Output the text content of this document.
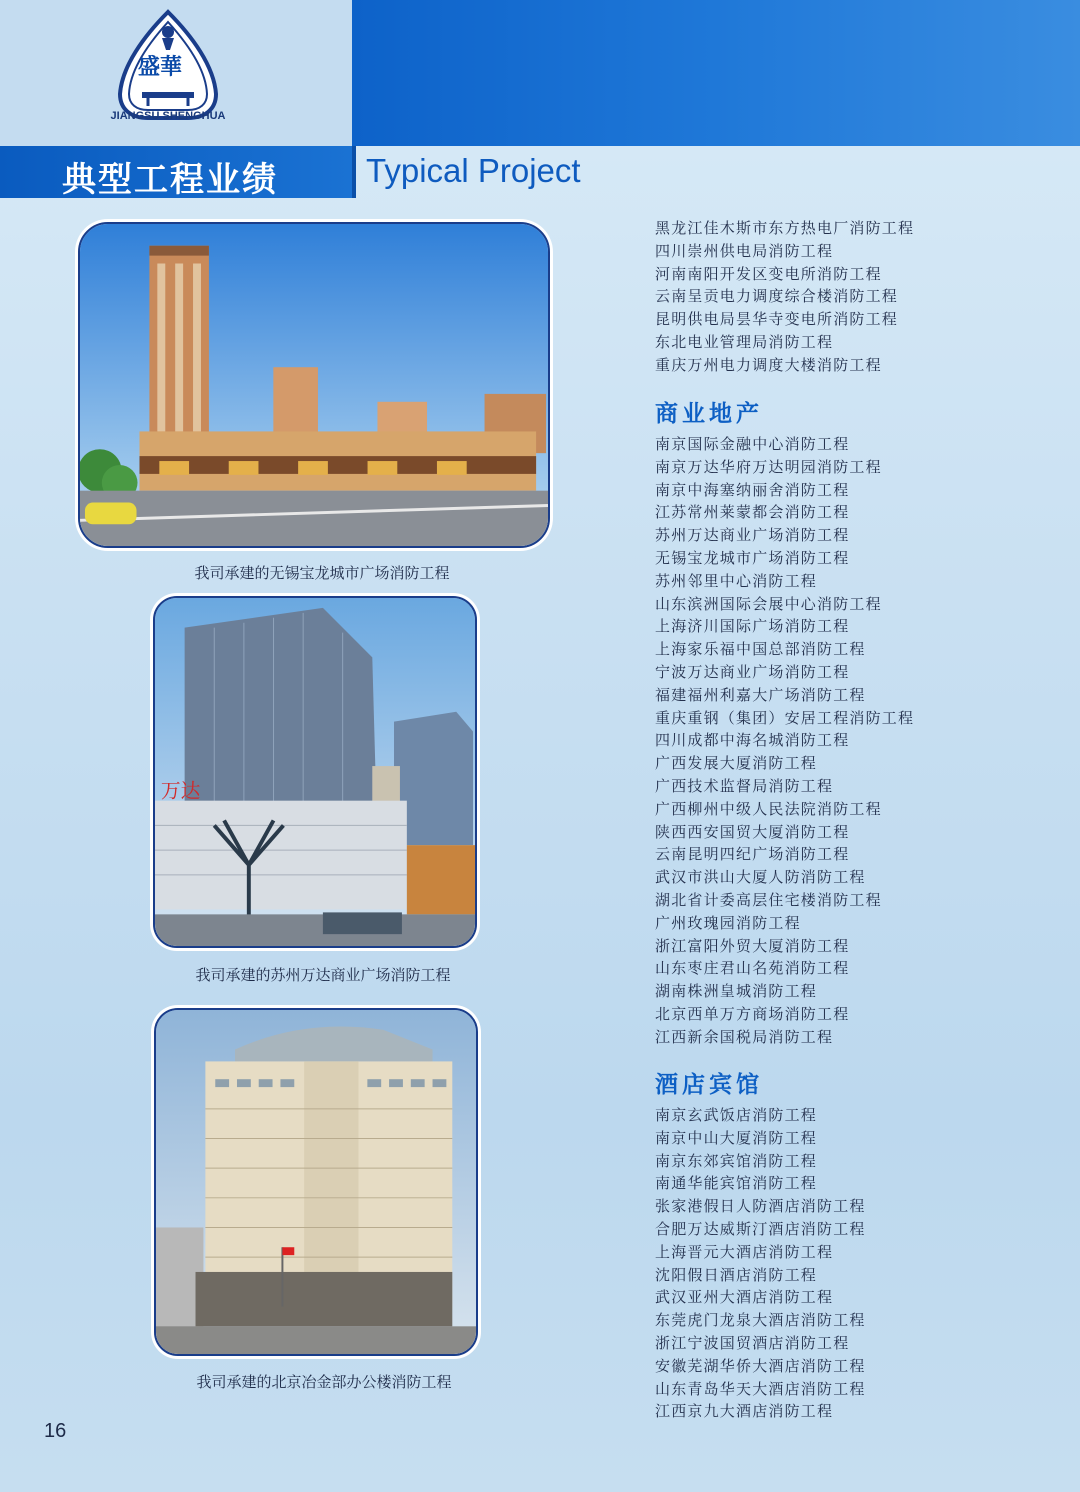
盛華
JIANGSU SHENGHUA
典型工程业绩	Typical Project
我司承建的无锡宝龙城市广场消防工程
万达
我司承建的苏州万达商业广场消防工程
我司承建的北京冶金部办公楼消防工程
黑龙江佳木斯市东方热电厂消防工程
四川崇州供电局消防工程
河南南阳开发区变电所消防工程
云南呈贡电力调度综合楼消防工程
昆明供电局昙华寺变电所消防工程
东北电业管理局消防工程
重庆万州电力调度大楼消防工程
商业地产
南京国际金融中心消防工程
南京万达华府万达明园消防工程
南京中海塞纳丽舍消防工程
江苏常州莱蒙都会消防工程
苏州万达商业广场消防工程
无锡宝龙城市广场消防工程
苏州邻里中心消防工程
山东滨洲国际会展中心消防工程
上海济川国际广场消防工程
上海家乐福中国总部消防工程
宁波万达商业广场消防工程
福建福州利嘉大广场消防工程
重庆重钢（集团）安居工程消防工程
四川成都中海名城消防工程
广西发展大厦消防工程
广西技术监督局消防工程
广西柳州中级人民法院消防工程
陕西西安国贸大厦消防工程
云南昆明四纪广场消防工程
武汉市洪山大厦人防消防工程
湖北省计委高层住宅楼消防工程
广州玫瑰园消防工程
浙江富阳外贸大厦消防工程
山东枣庄君山名苑消防工程
湖南株洲皇城消防工程
北京西单万方商场消防工程
江西新余国税局消防工程
酒店宾馆
南京玄武饭店消防工程
南京中山大厦消防工程
南京东郊宾馆消防工程
南通华能宾馆消防工程
张家港假日人防酒店消防工程
合肥万达威斯汀酒店消防工程
上海晋元大酒店消防工程
沈阳假日酒店消防工程
武汉亚州大酒店消防工程
东莞虎门龙泉大酒店消防工程
浙江宁波国贸酒店消防工程
安徽芜湖华侨大酒店消防工程
山东青岛华天大酒店消防工程
江西京九大酒店消防工程
16
